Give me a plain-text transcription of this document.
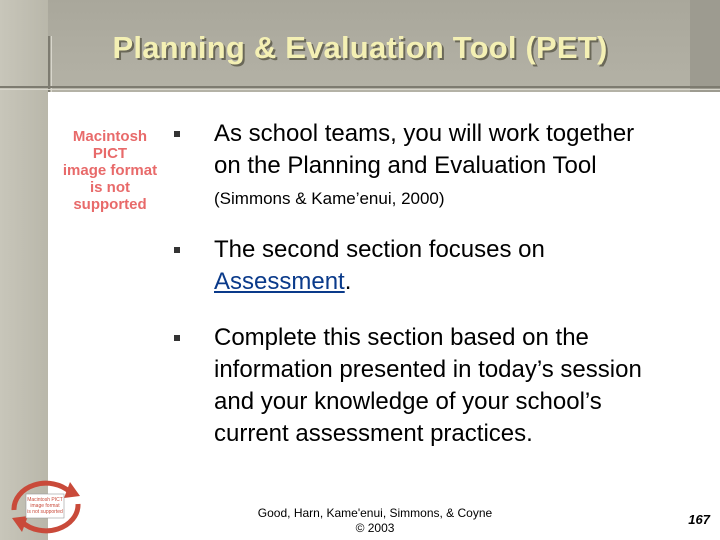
Planning & Evaluation Tool (PET)
Macintosh PICT
image format
is not supported
As school teams, you will work together
on the Planning and Evaluation Tool
(Simmons & Kame’enui, 2000)
The second section focuses on
Assessment.
Complete this section based on the
information presented in today’s session
and your knowledge of your school’s
current assessment practices.
Macintosh PICT
image format
is not supported	Good, Harn, Kame'enui, Simmons, & Coyne
© 2003
167
